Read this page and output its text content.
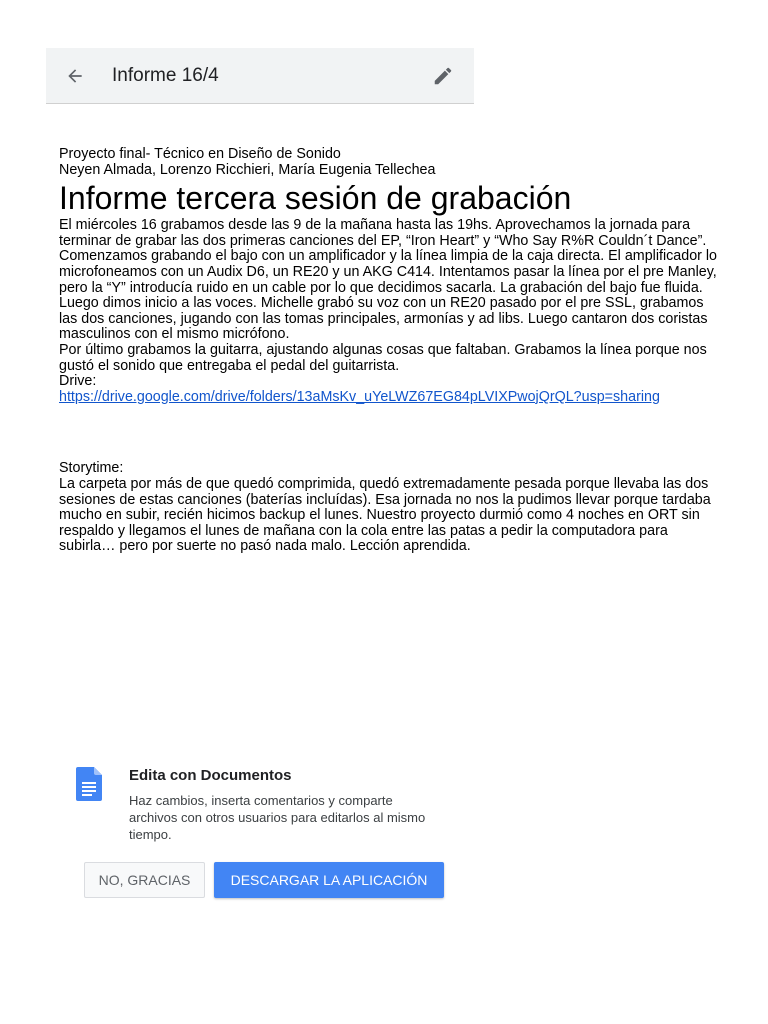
Informe 16/4

Proyecto final- Técnico en Diseño de Sonido

Neyen Almada, Lorenzo Ricchieri, María Eugenia Tellechea

Informe tercera sesión de grabación

El miércoles 16 grabamos desde las 9 de la mañana hasta las 19hs. Aprovechamos la jornada para terminar de grabar las dos primeras canciones del EP, “Iron Heart” y “Who Say R%R Couldn´t Dance”.

Comenzamos grabando el bajo con un amplificador y la línea limpia de la caja directa. El amplificador lo microfoneamos con un Audix D6, un RE20 y un AKG C414. Intentamos pasar la línea por el pre Manley, pero la “Y” introducía ruido en un cable por lo que decidimos sacarla. La grabación del bajo fue fluida.

Luego dimos inicio a las voces. Michelle grabó su voz con un RE20 pasado por el pre SSL, grabamos las dos canciones, jugando con las tomas principales, armonías y ad libs. Luego cantaron dos coristas masculinos con el mismo micrófono.

Por último grabamos la guitarra, ajustando algunas cosas que faltaban. Grabamos la línea porque nos gustó el sonido que entregaba el pedal del guitarrista.

Drive:

https://drive.google.com/drive/folders/13aMsKv_uYeLWZ67EG84pLVIXPwojQrQL?usp=sharing

Storytime:

La carpeta por más de que quedó comprimida, quedó extremadamente pesada porque llevaba las dos sesiones de estas canciones (baterías incluídas). Esa jornada no nos la pudimos llevar porque tardaba mucho en subir, recién hicimos backup el lunes. Nuestro proyecto durmió como 4 noches en ORT sin respaldo y llegamos el lunes de mañana con la cola entre las patas a pedir la computadora para subirla… pero por suerte no pasó nada malo. Lección aprendida.

Edita con Documentos
Haz cambios, inserta comentarios y comparte archivos con otros usuarios para editarlos al mismo tiempo.
NO, GRACIAS	DESCARGAR LA APLICACIÓN
